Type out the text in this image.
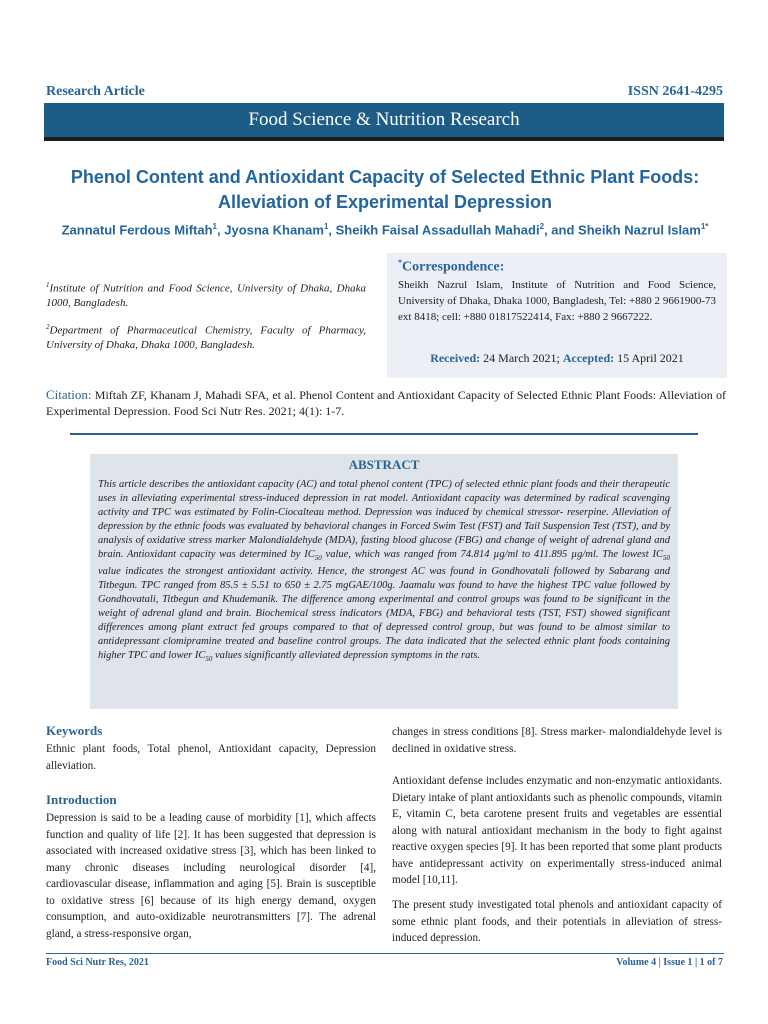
Research Article	ISSN 2641-4295
Food Science & Nutrition Research
Phenol Content and Antioxidant Capacity of Selected Ethnic Plant Foods:
Alleviation of Experimental Depression
Zannatul Ferdous Miftah$^1$, Jyosna Khanam$^1$, Sheikh Faisal Assadullah Mahadi$^2$, and Sheikh Nazrul Islam$^{1*}$
$^1$Institute of Nutrition and Food Science, University of Dhaka, Dhaka 1000, Bangladesh.
$^2$Department of Pharmaceutical Chemistry, Faculty of Pharmacy, University of Dhaka, Dhaka 1000, Bangladesh.
*Correspondence:
Sheikh Nazrul Islam, Institute of Nutrition and Food Science, University of Dhaka, Dhaka 1000, Bangladesh, Tel: +880 2 9661900-73 ext 8418; cell: +880 01817522414, Fax: +880 2 9667222.
Received: 24 March 2021; Accepted: 15 April 2021
Citation: Miftah ZF, Khanam J, Mahadi SFA, et al. Phenol Content and Antioxidant Capacity of Selected Ethnic Plant Foods: Alleviation of Experimental Depression. Food Sci Nutr Res. 2021; 4(1): 1-7.
ABSTRACT
This article describes the antioxidant capacity (AC) and total phenol content (TPC) of selected ethnic plant foods and their therapeutic uses in alleviating experimental stress-induced depression in rat model. Antioxidant capacity was determined by radical scavenging activity and TPC was estimated by Folin-Ciocalteau method. Depression was induced by chemical stressor- reserpine. Alleviation of depression by the ethnic foods was evaluated by behavioral changes in Forced Swim Test (FST) and Tail Suspension Test (TST), and by analysis of oxidative stress marker Malondialdehyde (MDA), fasting blood glucose (FBG) and change of weight of adrenal gland and brain. Antioxidant capacity was determined by $IC_{50}$ value, which was ranged from 74.814 µg/ml to 411.895 µg/ml. The lowest $IC_{50}$ value indicates the strongest antioxidant activity. Hence, the strongest AC was found in Gondhovatali followed by Sabarang and Titbegun. TPC ranged from 85.5 ± 5.51 to 650 ± 2.75 mgGAE/100g. Jaamalu was found to have the highest TPC value followed by Gondhovatali, Titbegun and Khudemanik. The difference among experimental and control groups was found to be significant in the weight of adrenal gland and brain. Biochemical stress indicators (MDA, FBG) and behavioral tests (TST, FST) showed significant differences among plant extract fed groups compared to that of depressed control group, but was found to be almost similar to antidepressant clomipramine treated and baseline control groups. The data indicated that the selected ethnic plant foods containing higher TPC and lower $IC_{50}$ values significantly alleviated depression symptoms in the rats.
Keywords
Ethnic plant foods, Total phenol, Antioxidant capacity, Depression alleviation.
Introduction
Depression is said to be a leading cause of morbidity [1], which affects function and quality of life [2]. It has been suggested that depression is associated with increased oxidative stress [3], which has been linked to many chronic diseases including neurological disorder [4], cardiovascular disease, inflammation and aging [5]. Brain is susceptible to oxidative stress [6] because of its high energy demand, oxygen consumption, and auto-oxidizable neurotransmitters [7]. The adrenal gland, a stress-responsive organ,
changes in stress conditions [8]. Stress marker- malondialdehyde level is declined in oxidative stress.
Antioxidant defense includes enzymatic and non-enzymatic antioxidants. Dietary intake of plant antioxidants such as phenolic compounds, vitamin E, vitamin C, beta carotene present fruits and vegetables are essential along with natural antioxidant mechanism in the body to fight against reactive oxygen species [9]. It has been reported that some plant products have antidepressant activity on experimentally stress-induced animal model [10,11].
The present study investigated total phenols and antioxidant capacity of some ethnic plant foods, and their potentials in alleviation of stress-induced depression.
Food Sci Nutr Res, 2021	Volume 4 | Issue 1 | 1 of 7
